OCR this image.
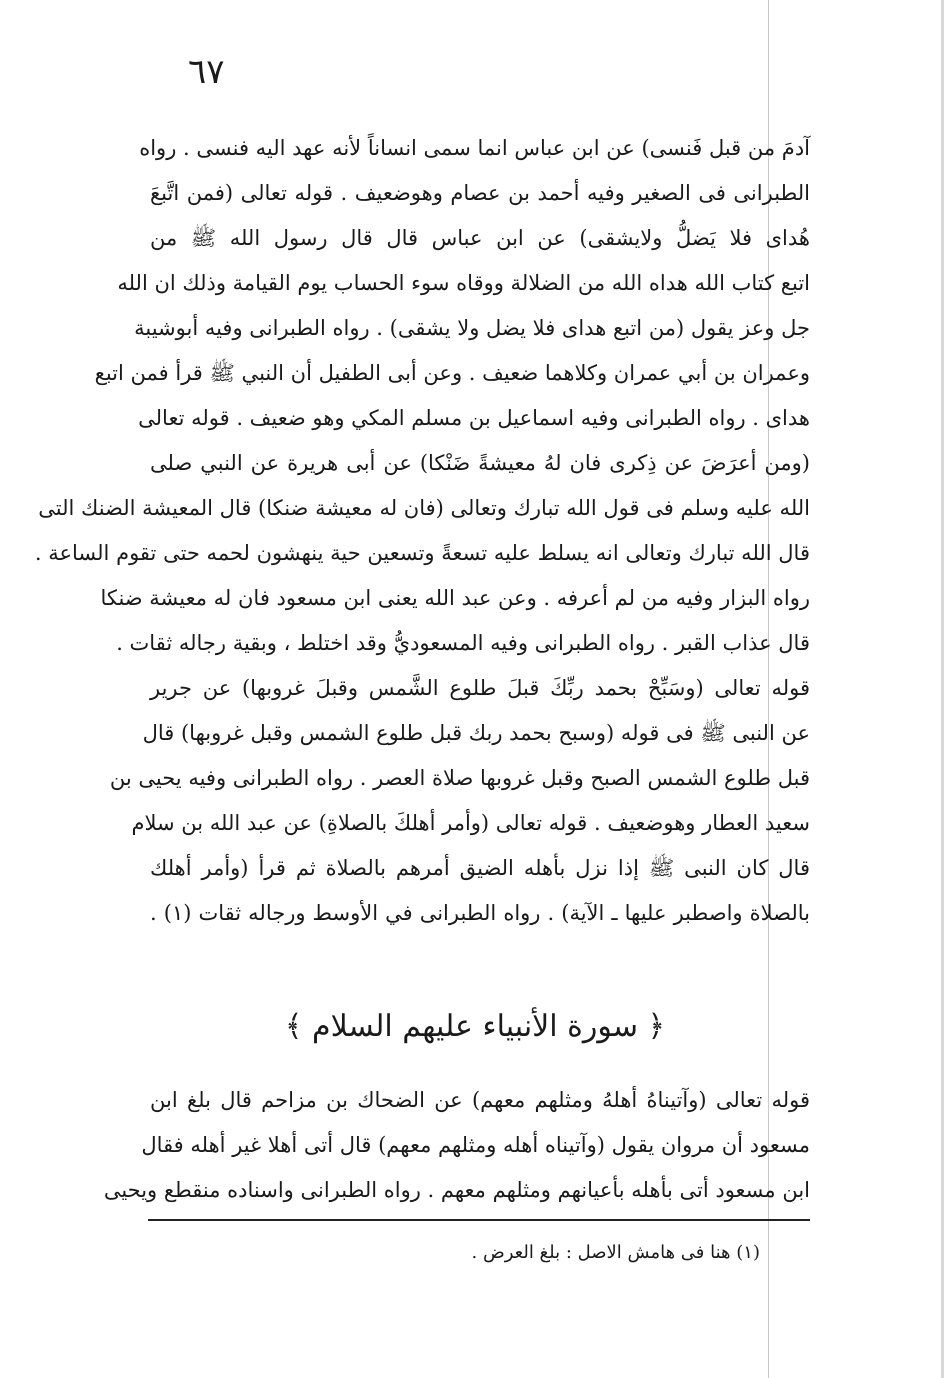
٦٧
آدمَ من قبل فَنسى) عن ابن عباس انما سمى انساناً لأنه عهد اليه فنسى . رواه
الطبرانى فى الصغير وفيه أحمد بن عصام وهوضعيف . قوله تعالى (فمن اتَّبعَ
هُداى فلا يَضلُّ ولايشقى) عن ابن عباس قال قال رسول الله ﷺ من
اتبع كتاب الله هداه الله من الضلالة ووقاه سوء الحساب يوم القيامة وذلك ان الله
جل وعز يقول (من اتبع هداى فلا يضل ولا يشقى) . رواه الطبرانى وفيه أبوشيبة
وعمران بن أبي عمران وكلاهما ضعيف . وعن أبى الطفيل أن النبي ﷺ قرأ فمن اتبع
هداى . رواه الطبرانى وفيه اسماعيل بن مسلم المكي وهو ضعيف . قوله تعالى
(ومن أعرَضَ عن ذِكرى فان لهُ معيشةً ضَنْكا) عن أبى هريرة عن النبي صلى
الله عليه وسلم فى قول الله تبارك وتعالى (فان له معيشة ضنكا) قال المعيشة الضنك التى
قال الله تبارك وتعالى انه يسلط عليه تسعةً وتسعين حية ينهشون لحمه حتى تقوم الساعة .
رواه البزار وفيه من لم أعرفه . وعن عبد الله يعنى ابن مسعود فان له معيشة ضنكا
قال عذاب القبر . رواه الطبرانى وفيه المسعوديُّ وقد اختلط ، وبقية رجاله ثقات .
قوله تعالى (وسَبِّحْ بحمد ربِّكَ قبلَ طلوع الشَّمس وقبلَ غروبها) عن جرير
عن النبى ﷺ فى قوله (وسبح بحمد ربك قبل طلوع الشمس وقبل غروبها) قال
قبل طلوع الشمس الصبح وقبل غروبها صلاة العصر . رواه الطبرانى وفيه يحيى بن
سعيد العطار وهوضعيف . قوله تعالى (وأمر أهلكَ بالصلاةِ) عن عبد الله بن سلام
قال كان النبى ﷺ إذا نزل بأهله الضيق أمرهم بالصلاة ثم قرأ (وأمر أهلك
بالصلاة واصطبر عليها ـ الآية) . رواه الطبرانى في الأوسط ورجاله ثقات (١) .
﴿ سورة الأنبياء عليهم السلام ﴾
قوله تعالى (وآتيناهُ أهلهُ ومثلهم معهم) عن الضحاك بن مزاحم قال بلغ ابن
مسعود أن مروان يقول (وآتيناه أهله ومثلهم معهم) قال أتى أهلا غير أهله فقال
ابن مسعود أتى بأهله بأعيانهم ومثلهم معهم . رواه الطبرانى واسناده منقطع ويحيى
(١) هنا فى هامش الاصل : بلغ العرض .
